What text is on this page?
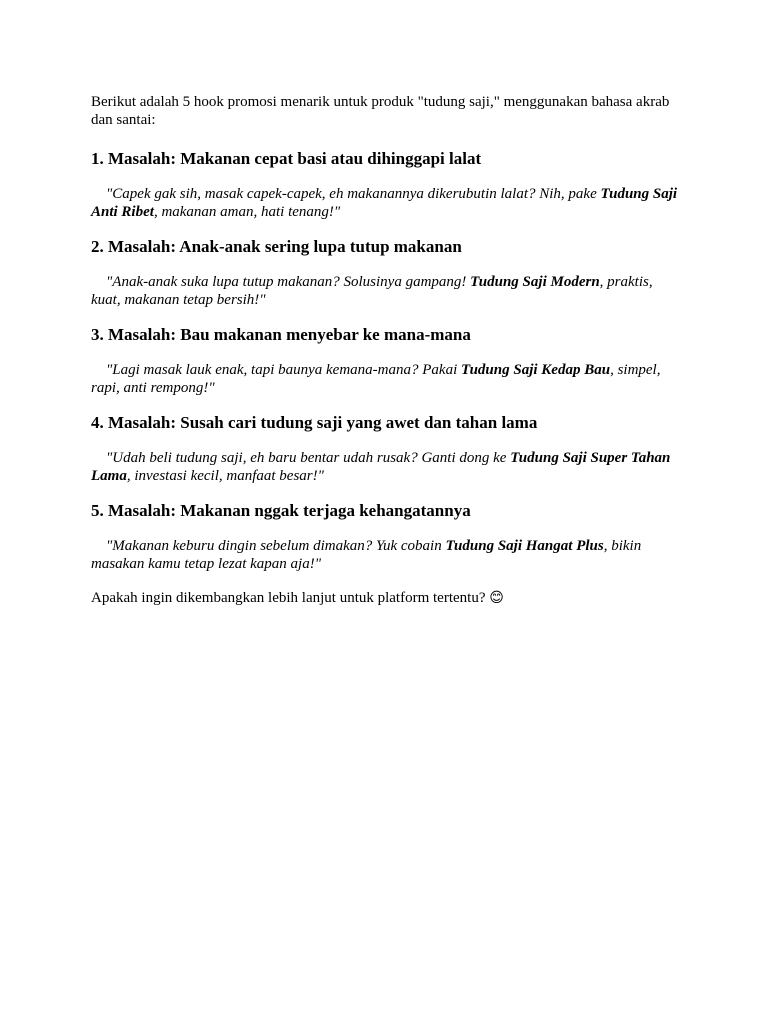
Berikut adalah 5 hook promosi menarik untuk produk "tudung saji," menggunakan bahasa akrab dan santai:

1. Masalah: Makanan cepat basi atau dihinggapi lalat

"Capek gak sih, masak capek-capek, eh makanannya dikerubutin lalat? Nih, pake Tudung Saji Anti Ribet, makanan aman, hati tenang!"

2. Masalah: Anak-anak sering lupa tutup makanan

"Anak-anak suka lupa tutup makanan? Solusinya gampang! Tudung Saji Modern, praktis, kuat, makanan tetap bersih!"

3. Masalah: Bau makanan menyebar ke mana-mana

"Lagi masak lauk enak, tapi baunya kemana-mana? Pakai Tudung Saji Kedap Bau, simpel, rapi, anti rempong!"

4. Masalah: Susah cari tudung saji yang awet dan tahan lama

"Udah beli tudung saji, eh baru bentar udah rusak? Ganti dong ke Tudung Saji Super Tahan Lama, investasi kecil, manfaat besar!"

5. Masalah: Makanan nggak terjaga kehangatannya

"Makanan keburu dingin sebelum dimakan? Yuk cobain Tudung Saji Hangat Plus, bikin masakan kamu tetap lezat kapan aja!"

Apakah ingin dikembangkan lebih lanjut untuk platform tertentu? 😊
